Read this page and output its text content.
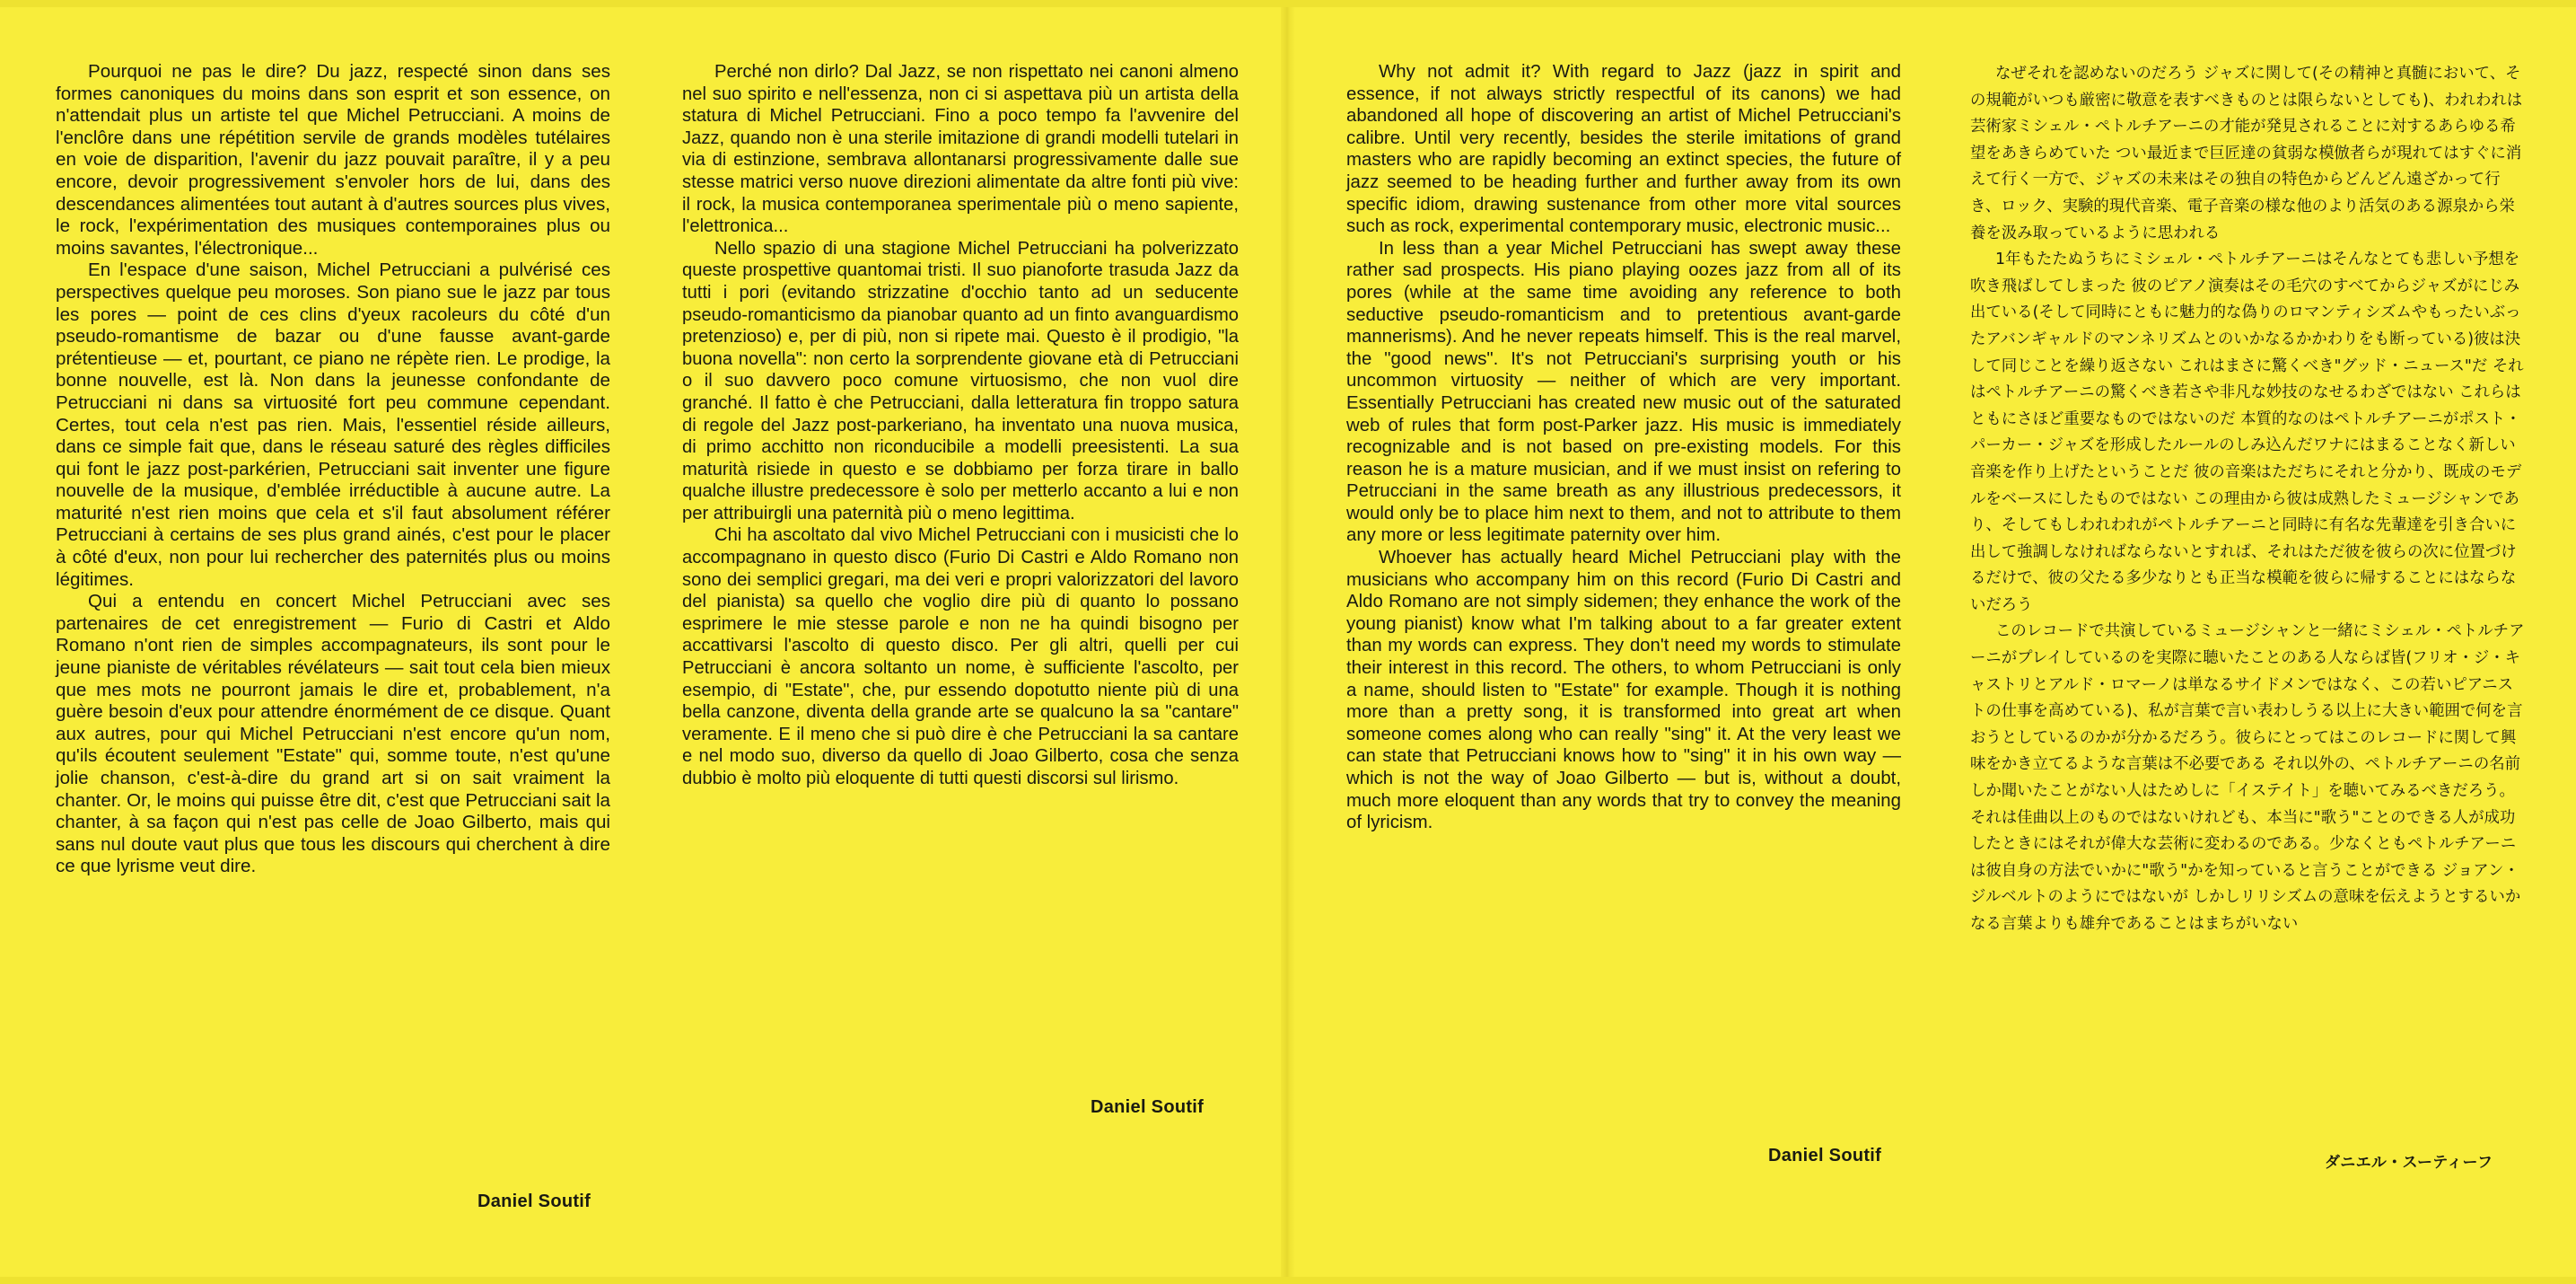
Pourquoi ne pas le dire? Du jazz, respecté sinon dans ses formes canoniques du moins dans son esprit et son essence, on n'attendait plus un artiste tel que Michel Petrucciani. A moins de l'enclôre dans une répétition servile de grands modèles tutélaires en voie de disparition, l'avenir du jazz pouvait paraître, il y a peu encore, devoir progressivement s'envoler hors de lui, dans des descendances alimentées tout autant à d'autres sources plus vives, le rock, l'expérimentation des musiques contemporaines plus ou moins savantes, l'électronique...

En l'espace d'une saison, Michel Petrucciani a pulvérisé ces perspectives quelque peu moroses. Son piano sue le jazz par tous les pores — point de ces clins d'yeux racoleurs du côté d'un pseudo-romantisme de bazar ou d'une fausse avant-garde prétentieuse — et, pourtant, ce piano ne répète rien. Le prodige, la bonne nouvelle, est là. Non dans la jeunesse confondante de Petrucciani ni dans sa virtuosité fort peu commune cependant. Certes, tout cela n'est pas rien. Mais, l'essentiel réside ailleurs, dans ce simple fait que, dans le réseau saturé des règles difficiles qui font le jazz post-parkérien, Petrucciani sait inventer une figure nouvelle de la musique, d'emblée irréductible à aucune autre. La maturité n'est rien moins que cela et s'il faut absolument référer Petrucciani à certains de ses plus grand ainés, c'est pour le placer à côté d'eux, non pour lui rechercher des paternités plus ou moins légitimes.

Qui a entendu en concert Michel Petrucciani avec ses partenaires de cet enregistrement — Furio di Castri et Aldo Romano n'ont rien de simples accompagnateurs, ils sont pour le jeune pianiste de véritables révélateurs — sait tout cela bien mieux que mes mots ne pourront jamais le dire et, probablement, n'a guère besoin d'eux pour attendre énormément de ce disque. Quant aux autres, pour qui Michel Petrucciani n'est encore qu'un nom, qu'ils écoutent seulement "Estate" qui, somme toute, n'est qu'une jolie chanson, c'est-à-dire du grand art si on sait vraiment la chanter. Or, le moins qui puisse être dit, c'est que Petrucciani sait la chanter, à sa façon qui n'est pas celle de Joao Gilberto, mais qui sans nul doute vaut plus que tous les discours qui cherchent à dire ce que lyrisme veut dire.

Daniel Soutif

Perché non dirlo? Dal Jazz, se non rispettato nei canoni almeno nel suo spirito e nell'essenza, non ci si aspettava più un artista della statura di Michel Petrucciani. Fino a poco tempo fa l'avvenire del Jazz, quando non è una sterile imitazione di grandi modelli tutelari in via di estinzione, sembrava allontanarsi progressivamente dalle sue stesse matrici verso nuove direzioni alimentate da altre fonti più vive: il rock, la musica contemporanea sperimentale più o meno sapiente, l'elettronica...

Nello spazio di una stagione Michel Petrucciani ha polverizzato queste prospettive quantomai tristi. Il suo pianoforte trasuda Jazz da tutti i pori (evitando strizzatine d'occhio tanto ad un seducente pseudo-romanticismo da pianobar quanto ad un finto avanguardismo pretenzioso) e, per di più, non si ripete mai. Questo è il prodigio, "la buona novella": non certo la sorprendente giovane età di Petrucciani o il suo davvero poco comune virtuosismo, che non vuol dire granché. Il fatto è che Petrucciani, dalla letteratura fin troppo satura di regole del Jazz post-parkeriano, ha inventato una nuova musica, di primo acchitto non riconducibile a modelli preesistenti. La sua maturità risiede in questo e se dobbiamo per forza tirare in ballo qualche illustre predecessore è solo per metterlo accanto a lui e non per attribuirgli una paternità più o meno legittima.

Chi ha ascoltato dal vivo Michel Petrucciani con i musicisti che lo accompagnano in questo disco (Furio Di Castri e Aldo Romano non sono dei semplici gregari, ma dei veri e propri valorizzatori del lavoro del pianista) sa quello che voglio dire più di quanto lo possano esprimere le mie stesse parole e non ne ha quindi bisogno per accattivarsi l'ascolto di questo disco. Per gli altri, quelli per cui Petrucciani è ancora soltanto un nome, è sufficiente l'ascolto, per esempio, di "Estate", che, pur essendo dopotutto niente più di una bella canzone, diventa della grande arte se qualcuno la sa "cantare" veramente. E il meno che si può dire è che Petrucciani la sa cantare e nel modo suo, diverso da quello di Joao Gilberto, cosa che senza dubbio è molto più eloquente di tutti questi discorsi sul lirismo.

Daniel Soutif

Why not admit it? With regard to Jazz (jazz in spirit and essence, if not always strictly respectful of its canons) we had abandoned all hope of discovering an artist of Michel Petrucciani's calibre. Until very recently, besides the sterile imitations of grand masters who are rapidly becoming an extinct species, the future of jazz seemed to be heading further and further away from its own specific idiom, drawing sustenance from other more vital sources such as rock, experimental contemporary music, electronic music...

In less than a year Michel Petrucciani has swept away these rather sad prospects. His piano playing oozes jazz from all of its pores (while at the same time avoiding any reference to both seductive pseudo-romanticism and to pretentious avant-garde mannerisms). And he never repeats himself. This is the real marvel, the "good news". It's not Petrucciani's surprising youth or his uncommon virtuosity — neither of which are very important. Essentially Petrucciani has created new music out of the saturated web of rules that form post-Parker jazz. His music is immediately recognizable and is not based on pre-existing models. For this reason he is a mature musician, and if we must insist on refering to Petrucciani in the same breath as any illustrious predecessors, it would only be to place him next to them, and not to attribute to them any more or less legitimate paternity over him.

Whoever has actually heard Michel Petrucciani play with the musicians who accompany him on this record (Furio Di Castri and Aldo Romano are not simply sidemen; they enhance the work of the young pianist) know what I'm talking about to a far greater extent than my words can express. They don't need my words to stimulate their interest in this record. The others, to whom Petrucciani is only a name, should listen to "Estate" for example. Though it is nothing more than a pretty song, it is transformed into great art when someone comes along who can really "sing" it. At the very least we can state that Petrucciani knows how to "sing" it in his own way — which is not the way of Joao Gilberto — but is, without a doubt, much more eloquent than any words that try to convey the meaning of lyricism.

Daniel Soutif

なぜそれを認めないのだろう ジャズに関して(その精神と真髄において、その規範がいつも厳密に敬意を表すべきものとは限らないとしても)、われわれは芸術家ミシェル・ペトルチアーニの才能が発見されることに対するあらゆる希望をあきらめていた つい最近まで巨匠達の貧弱な模倣者らが現れてはすぐに消えて行く一方で、ジャズの未来はその独自の特色からどんどん遠ざかって行き、ロック、実験的現代音楽、電子音楽の様な他のより活気のある源泉から栄養を汲み取っているように思われる

1年もたたぬうちにミシェル・ペトルチアーニはそんなとても悲しい予想を吹き飛ばしてしまった 彼のピアノ演奏はその毛穴のすべてからジャズがにじみ出ている(そして同時にともに魅力的な偽りのロマンティシズムやもったいぶったアバンギャルドのマンネリズムとのいかなるかかわりをも断っている)彼は決して同じことを繰り返さない これはまさに驚くべき"グッド・ニュース"だ それはペトルチアーニの驚くべき若さや非凡な妙技のなせるわざではない これらはともにさほど重要なものではないのだ 本質的なのはペトルチアーニがポスト・パーカー・ジャズを形成したルールのしみ込んだワナにはまることなく新しい音楽を作り上げたということだ 彼の音楽はただちにそれと分かり、既成のモデルをベースにしたものではない この理由から彼は成熟したミュージシャンであり、そしてもしわれわれがペトルチアーニと同時に有名な先輩達を引き合いに出して強調しなければならないとすれば、それはただ彼を彼らの次に位置づけるだけで、彼の父たる多少なりとも正当な模範を彼らに帰することにはならないだろう

このレコードで共演しているミュージシャンと一緒にミシェル・ペトルチアーニがプレイしているのを実際に聴いたことのある人ならば皆(フリオ・ジ・キャストリとアルド・ロマーノは単なるサイドメンではなく、この若いピアニストの仕事を高めている)、私が言葉で言い表わしうる以上に大きい範囲で何を言おうとしているのかが分かるだろう。彼らにとってはこのレコードに関して興味をかき立てるような言葉は不必要である それ以外の、ペトルチアーニの名前しか聞いたことがない人はためしに「イステイト」を聴いてみるべきだろう。それは佳曲以上のものではないけれども、本当に"歌う"ことのできる人が成功したときにはそれが偉大な芸術に変わるのである。少なくともペトルチアーニは彼自身の方法でいかに"歌う"かを知っていると言うことができる ジョアン・ジルベルトのようにではないが しかしリリシズムの意味を伝えようとするいかなる言葉よりも雄弁であることはまちがいない

ダニエル・スーティーフ
